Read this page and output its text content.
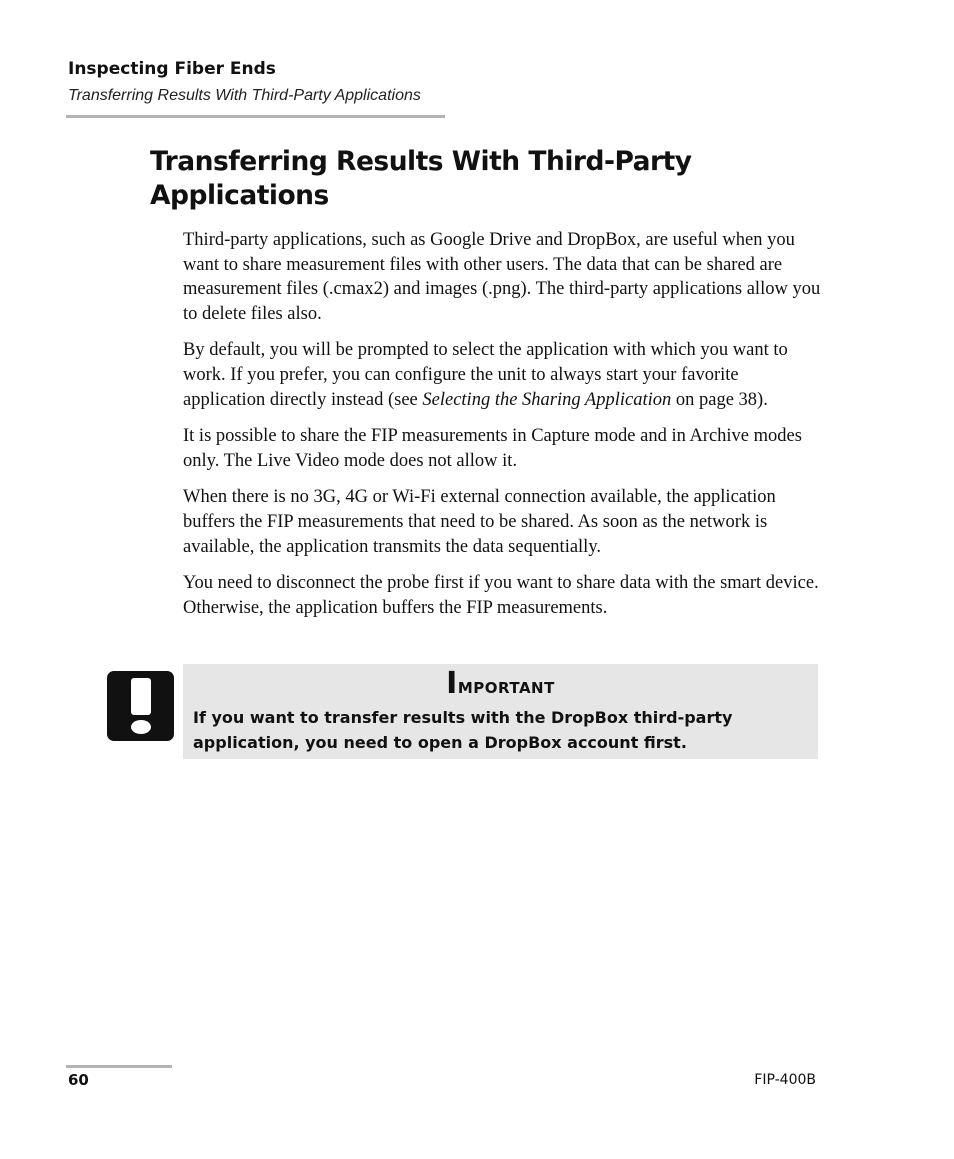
Inspecting Fiber Ends
Transferring Results With Third-Party Applications
Transferring Results With Third-Party Applications

Third-party applications, such as Google Drive and DropBox, are useful when you want to share measurement files with other users. The data that can be shared are measurement files (.cmax2) and images (.png). The third-party applications allow you to delete files also.

By default, you will be prompted to select the application with which you want to work. If you prefer, you can configure the unit to always start your favorite application directly instead (see Selecting the Sharing Application on page 38).

It is possible to share the FIP measurements in Capture mode and in Archive modes only. The Live Video mode does not allow it.

When there is no 3G, 4G or Wi-Fi external connection available, the application buffers the FIP measurements that need to be shared. As soon as the network is available, the application transmits the data sequentially.

You need to disconnect the probe first if you want to share data with the smart device. Otherwise, the application buffers the FIP measurements.

Important
If you want to transfer results with the DropBox third-party application, you need to open a DropBox account first.
60	FIP-400B
